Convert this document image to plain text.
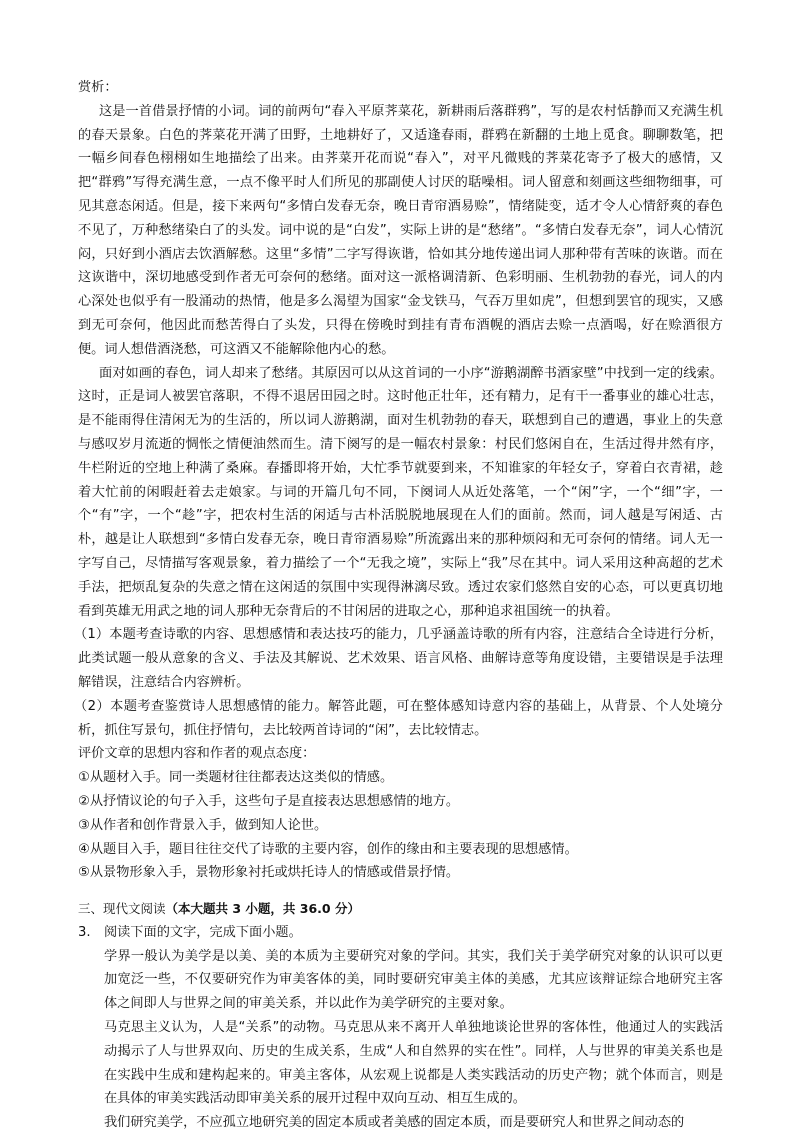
赏析：

这是一首借景抒情的小词。词的前两句“春入平原荠菜花，新耕雨后落群鸦”，写的是农村恬静而又充满生机的春天景象。白色的荠菜花开满了田野，土地耕好了，又适逢春雨，群鸦在新翻的土地上觅食。聊聊数笔，把一幅乡间春色栩栩如生地描绘了出来。由荠菜开花而说“春入”，对平凡微贱的荠菜花寄予了极大的感情，又把“群鸦”写得充满生意，一点不像平时人们所见的那副使人讨厌的聒噪相。词人留意和刻画这些细物细事，可见其意态闲适。但是，接下来两句“多情白发春无奈，晚日青帘酒易赊”，情绪陡变，适才令人心情舒爽的春色不见了，万种愁绪染白了的头发。词中说的是“白发”，实际上讲的是“愁绪”。“多情白发春无奈”，词人心情沉闷，只好到小酒店去饮酒解愁。这里“多情”二字写得诙谐，恰如其分地传递出词人那种带有苦味的诙谐。而在这诙谐中，深切地感受到作者无可奈何的愁绪。面对这一派格调清新、色彩明丽、生机勃勃的春光，词人的内心深处也似乎有一股涌动的热情，他是多么渴望为国家“金戈铁马，气吞万里如虎”，但想到罢官的现实，又感到无可奈何，他因此而愁苦得白了头发，只得在傍晚时到挂有青布酒幌的酒店去赊一点酒喝，好在赊酒很方便。词人想借酒浇愁，可这酒又不能解除他内心的愁。

面对如画的春色，词人却来了愁绪。其原因可以从这首词的一小序“游鹅湖醉书酒家壁”中找到一定的线索。这时，正是词人被罢官落职，不得不退居田园之时。这时他正壮年，还有精力，足有干一番事业的雄心壮志，是不能雨得住清闲无为的生活的，所以词人游鹅湖，面对生机勃勃的春天，联想到自己的遭遇，事业上的失意与感叹岁月流逝的惆怅之情便油然而生。清下阕写的是一幅农村景象：村民们悠闲自在，生活过得井然有序，牛栏附近的空地上种满了桑麻。春播即将开始，大忙季节就要到来，不知谁家的年轻女子，穿着白衣青裙，趁着大忙前的闲暇赶着去走娘家。与词的开篇几句不同，下阕词人从近处落笔，一个“闲”字，一个“细”字，一个“有”字，一个“趁”字，把农村生活的闲适与古朴活脱脱地展现在人们的面前。然而，词人越是写闲适、古朴，越是让人联想到“多情白发春无奈，晚日青帘酒易赊”所流露出来的那种烦闷和无可奈何的情绪。词人无一字写自己，尽情描写客观景象，着力描绘了一个“无我之境”，实际上“我”尽在其中。词人采用这种高超的艺术手法，把烦乱复杂的失意之情在这闲适的氛围中实现得淋漓尽致。透过农家们悠然自安的心态，可以更真切地看到英雄无用武之地的词人那种无奈背后的不甘闲居的进取之心，那种追求祖国统一的执着。

（1）本题考查诗歌的内容、思想感情和表达技巧的能力，几乎涵盖诗歌的所有内容，注意结合全诗进行分析，此类试题一般从意象的含义、手法及其解说、艺术效果、语言风格、曲解诗意等角度设错，主要错误是手法理解错误，注意结合内容辨析。

（2）本题考查鉴赏诗人思想感情的能力。解答此题，可在整体感知诗意内容的基础上，从背景、个人处境分析，抓住写景句，抓住抒情句，去比较两首诗词的“闲”，去比较情志。

评价文章的思想内容和作者的观点态度：

①从题材入手。同一类题材往往都表达这类似的情感。

②从抒情议论的句子入手，这些句子是直接表达思想感情的地方。

③从作者和创作背景入手，做到知人论世。

④从题目入手，题目往往交代了诗歌的主要内容，创作的缘由和主要表现的思想感情。

⑤从景物形象入手，景物形象衬托或烘托诗人的情感或借景抒情。

三、现代文阅读（本大题共 3 小题，共 36.0 分）

3.	阅读下面的文字，完成下面小题。

学界一般认为美学是以美、美的本质为主要研究对象的学问。其实，我们关于美学研究对象的认识可以更加宽泛一些，不仅要研究作为审美客体的美，同时要研究审美主体的美感，尤其应该辩证综合地研究主客体之间即人与世界之间的审美关系，并以此作为美学研究的主要对象。

马克思主义认为，人是“关系”的动物。马克思从来不离开人单独地谈论世界的客体性，他通过人的实践活动揭示了人与世界双向、历史的生成关系，生成“人和自然界的实在性”。同样，人与世界的审美关系也是在实践中生成和建构起来的。审美主客体，从宏观上说都是人类实践活动的历史产物；就个体而言，则是在具体的审美实践活动即审美关系的展开过程中双向互动、相互生成的。

我们研究美学，不应孤立地研究美的固定本质或者美感的固定本质，而是要研究人和世界之间动态的
